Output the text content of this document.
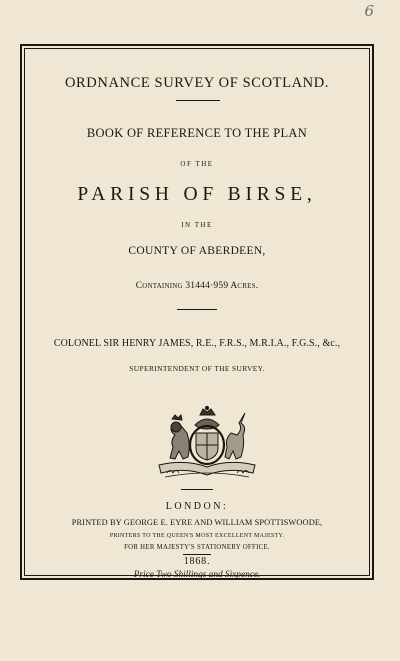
6
ORDNANCE SURVEY OF SCOTLAND.
BOOK OF REFERENCE TO THE PLAN
OF THE
PARISH OF BIRSE,
IN THE
COUNTY OF ABERDEEN,
Containing 31444·959 Acres.
COLONEL SIR HENRY JAMES, R.E., F.R.S., M.R.I.A., F.G.S., &c.,
SUPERINTENDENT OF THE SURVEY.
LONDON:
PRINTED BY GEORGE E. EYRE AND WILLIAM SPOTTISWOODE,
PRINTERS TO THE QUEEN'S MOST EXCELLENT MAJESTY.
FOR HER MAJESTY'S STATIONERY OFFICE.
1868.
Price Two Shillings and Sixpence.
